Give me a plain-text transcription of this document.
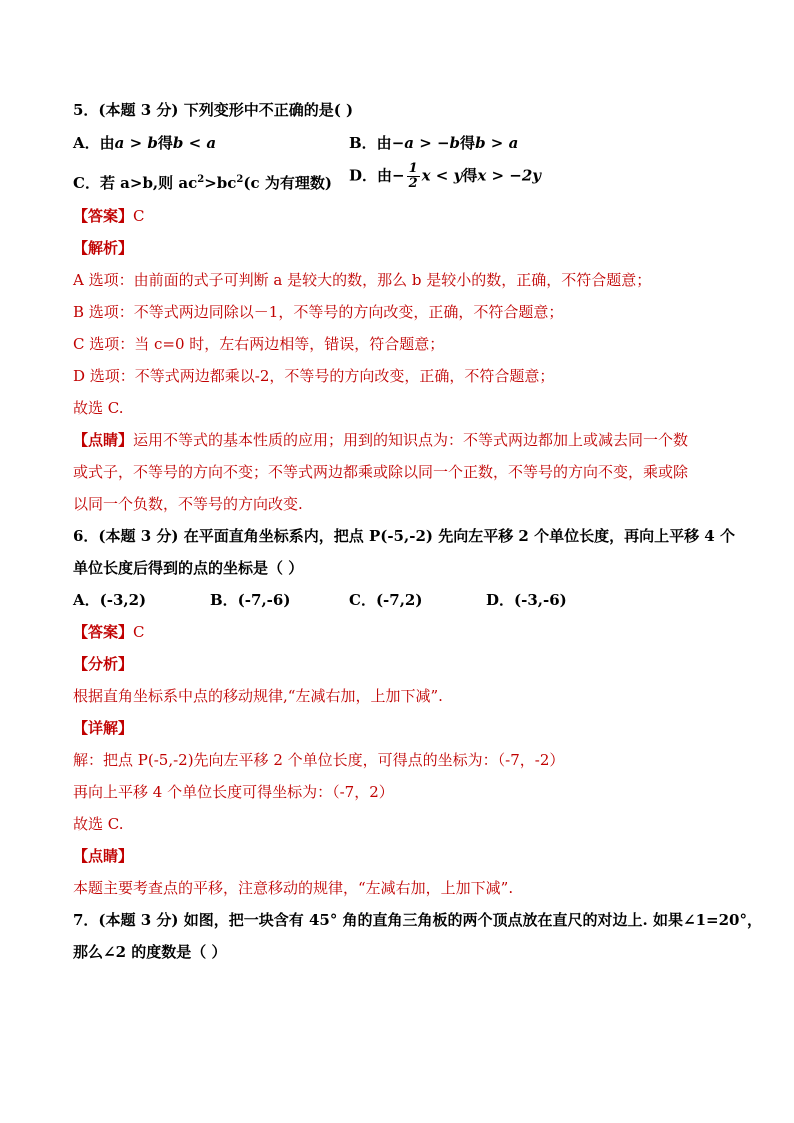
5．(本题 3 分) 下列变形中不正确的是( )
A．由a > b得b < a	B．由−a > −b得b > a
C．若 a>b,则 $ac^2>bc^2(c$ 为有理数) D．由− $\frac{1}{2}$ x < y得x > −2y
【答案】C
【解析】
A 选项：由前面的式子可判断 a 是较大的数，那么 b 是较小的数，正确，不符合题意；
B 选项：不等式两边同除以－1，不等号的方向改变，正确，不符合题意；
C 选项：当 c=0 时，左右两边相等，错误，符合题意；
D 选项：不等式两边都乘以-2，不等号的方向改变，正确，不符合题意；
故选 C.
【点睛】运用不等式的基本性质的应用；用到的知识点为：不等式两边都加上或减去同一个数
或式子，不等号的方向不变；不等式两边都乘或除以同一个正数，不等号的方向不变，乘或除
以同一个负数，不等号的方向改变.
6．(本题 3 分) 在平面直角坐标系内，把点 P(-5,-2) 先向左平移 2 个单位长度，再向上平移 4 个
单位长度后得到的点的坐标是（ ）
A．(-3,2)	B．(-7,-6)	C．(-7,2)	D．(-3,-6)
【答案】C
【分析】
根据直角坐标系中点的移动规律,“左减右加，上加下减”.
【详解】
解：把点 P(-5,-2)先向左平移 2 个单位长度，可得点的坐标为：（-7，-2）
再向上平移 4 个单位长度可得坐标为：（-7，2）
故选 C.
【点睛】
本题主要考查点的平移，注意移动的规律，“左减右加，上加下减”.
7．(本题 3 分) 如图，把一块含有 45° 角的直角三角板的两个顶点放在直尺的对边上. 如果∠1=20°，
那么∠2 的度数是（ ）
